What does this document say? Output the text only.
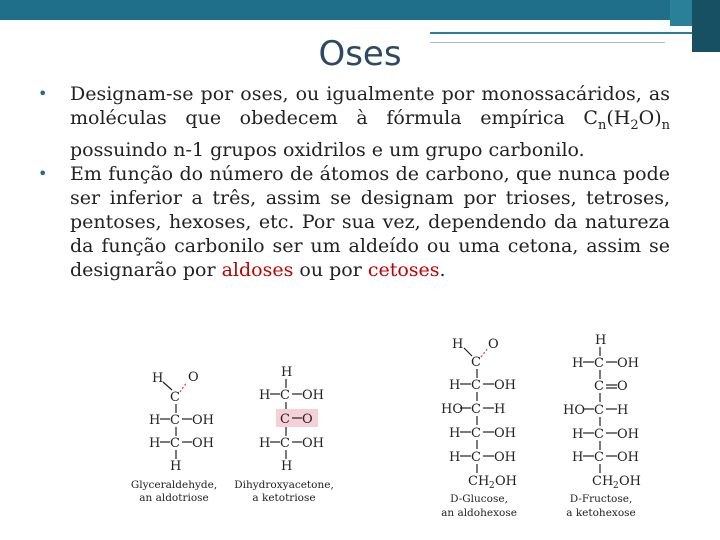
Oses
• Designam-se por oses, ou igualmente por monossacáridos, as moléculas que obedecem à fórmula empírica $C_n(H_2O)_n$ possuindo n-1 grupos oxidrilos e um grupo carbonilo.
• Em função do número de átomos de carbono, que nunca pode ser inferior a três, assim se designam por trioses, tetroses, pentoses, hexoses, etc. Por sua vez, dependendo da natureza da função carbonilo ser um aldeído ou uma cetona, assim se designarão por aldoses ou por cetoses.
H
C
O
H C OH
H C OH
H
H
H C OH
C O
H C OH
H
H
C
O
H C OH
HO C H
H C OH
H C OH
CH 2 OH
H
H C OH
C O
HO C H
H C OH
H C OH
CH 2 OH
Glyceraldehyde,
an aldotriose
Dihydroxyacetone,
a ketotriose	D-Glucose,
an aldohexose
D-Fructose,
a ketohexose
